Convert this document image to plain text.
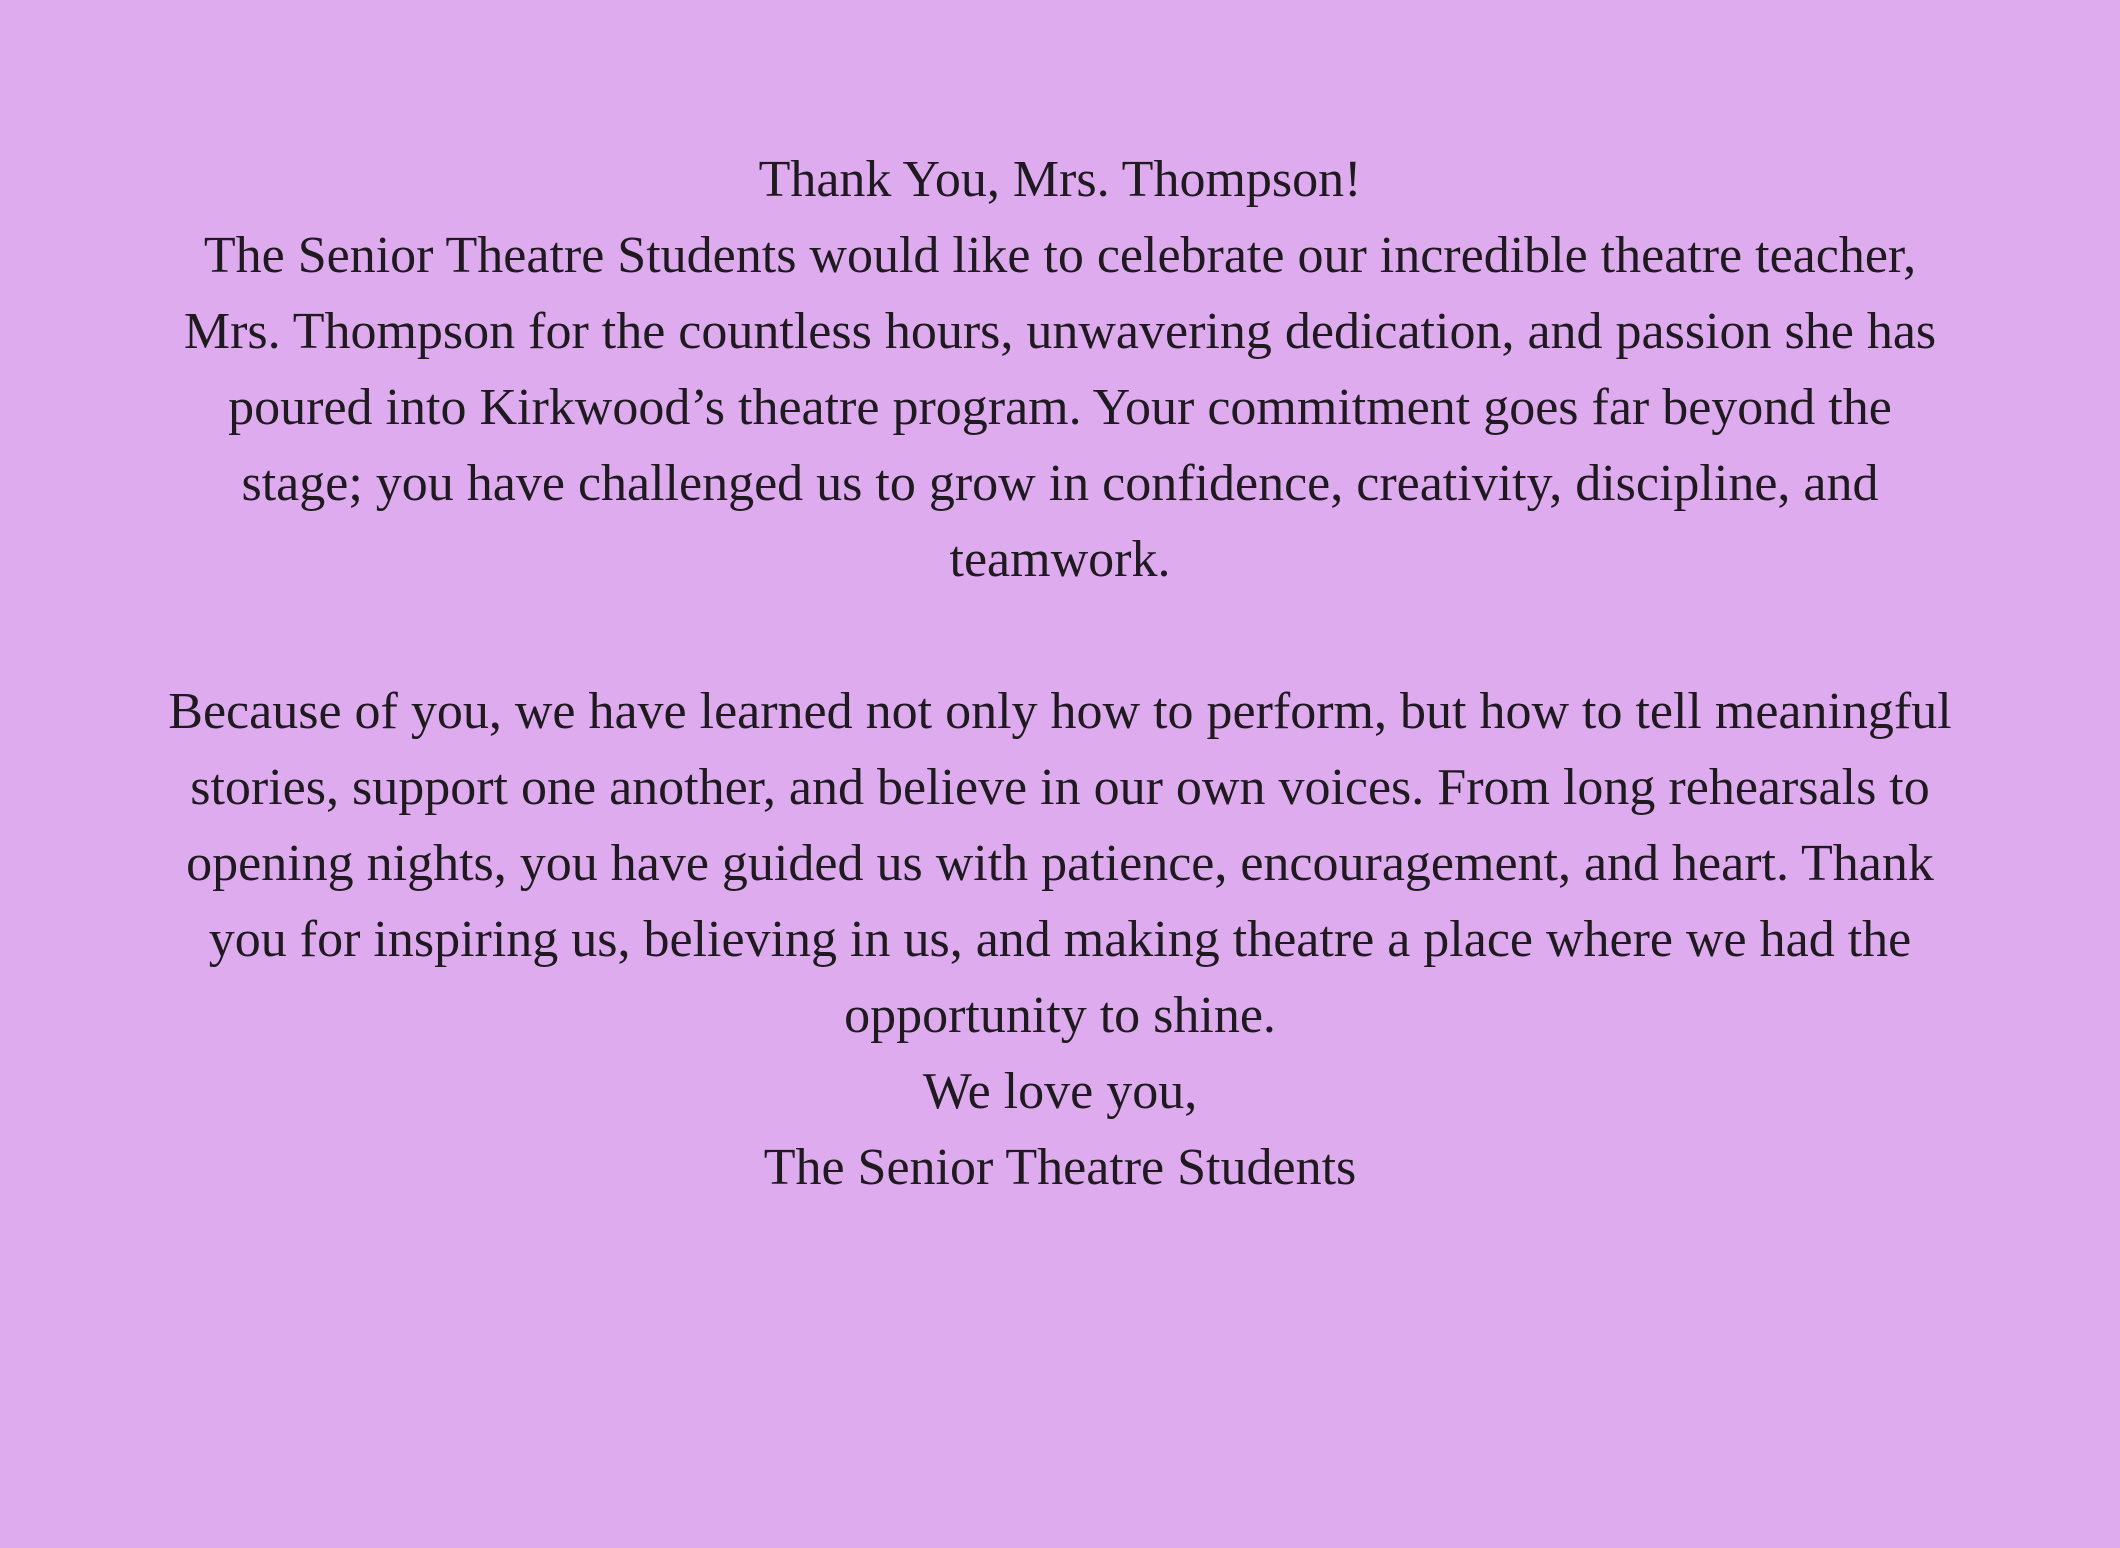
Thank You, Mrs. Thompson!
The Senior Theatre Students would like to celebrate our incredible theatre teacher,
Mrs. Thompson for the countless hours, unwavering dedication, and passion she has
poured into Kirkwood’s theatre program. Your commitment goes far beyond the
stage; you have challenged us to grow in confidence, creativity, discipline, and
teamwork.
Because of you, we have learned not only how to perform, but how to tell meaningful
stories, support one another, and believe in our own voices. From long rehearsals to
opening nights, you have guided us with patience, encouragement, and heart. Thank
you for inspiring us, believing in us, and making theatre a place where we had the
opportunity to shine.
We love you,
The Senior Theatre Students
